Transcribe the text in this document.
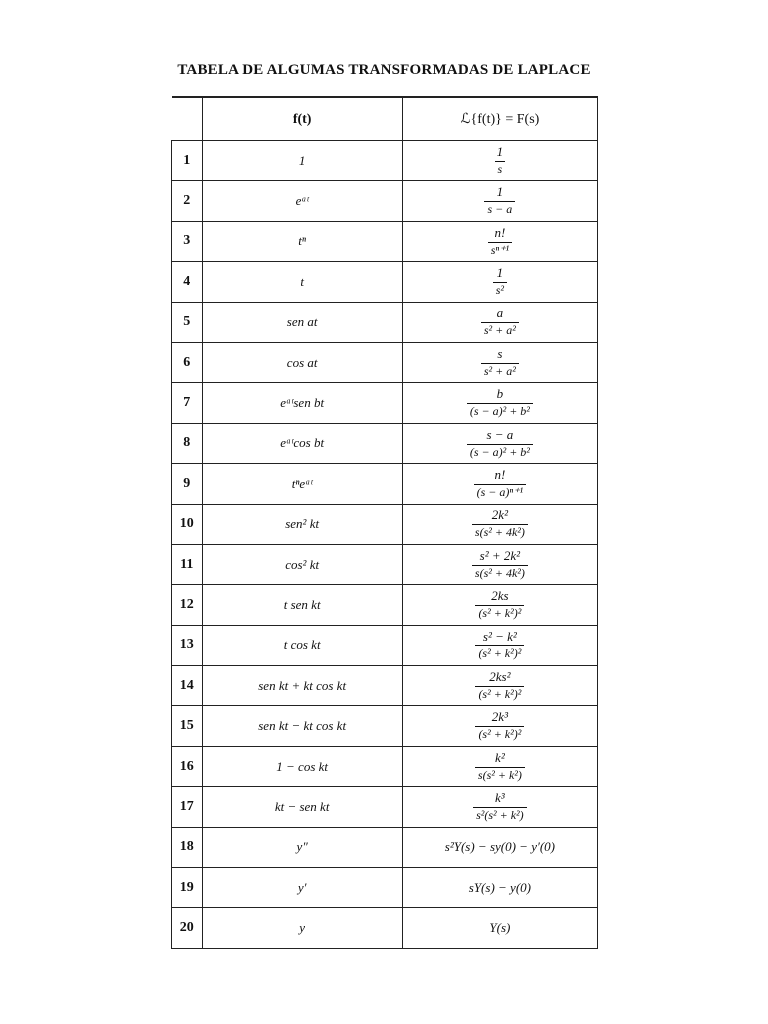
TABELA DE ALGUMAS TRANSFORMADAS DE LAPLACE
	f(t)	ℒ{f(t)} = F(s)
1	1	$\frac{1}{s}$

2	eᵃᵗ	$\frac{1}{s - a}$

3	tⁿ	$\frac{n!}{\text{sⁿ⁺¹}}$

4	t	$\frac{1}{\text{s²}}$

5	sen at	$\frac{a}{\text{s² + a²}}$

6	cos at	$\frac{s}{\text{s² + a²}}$

7	eᵃᵗsen bt	$\frac{b}{\text{(s − a)² + b²}}$

8	eᵃᵗcos bt	$\frac{s - a}{\text{(s − a)² + b²}}$

9	tⁿeᵃᵗ	$\frac{n!}{\text{(s − a)ⁿ⁺¹}}$

10	sen² kt	$\frac{\text{2k²}}{\text{s(s² + 4k²)}}$

11	cos² kt	$\frac{\text{s² + 2k²}}{\text{s(s² + 4k²)}}$

12	t sen kt	$\frac{2ks}{\text{(s² + k²)²}}$

13	t cos kt	$\frac{\text{s² − k²}}{\text{(s² + k²)²}}$

14	sen kt + kt cos kt	$\frac{\text{2ks²}}{\text{(s² + k²)²}}$

15	sen kt − kt cos kt	$\frac{\text{2k³}}{\text{(s² + k²)²}}$

16	1 − cos kt	$\frac{\text{k²}}{\text{s(s² + k²)}}$

17	kt − sen kt	$\frac{\text{k³}}{\text{s²(s² + k²)}}$

18	y″	s²Y(s) − sy(0) − y′(0)
19	y′	sY(s) − y(0)
20	y	Y(s)
